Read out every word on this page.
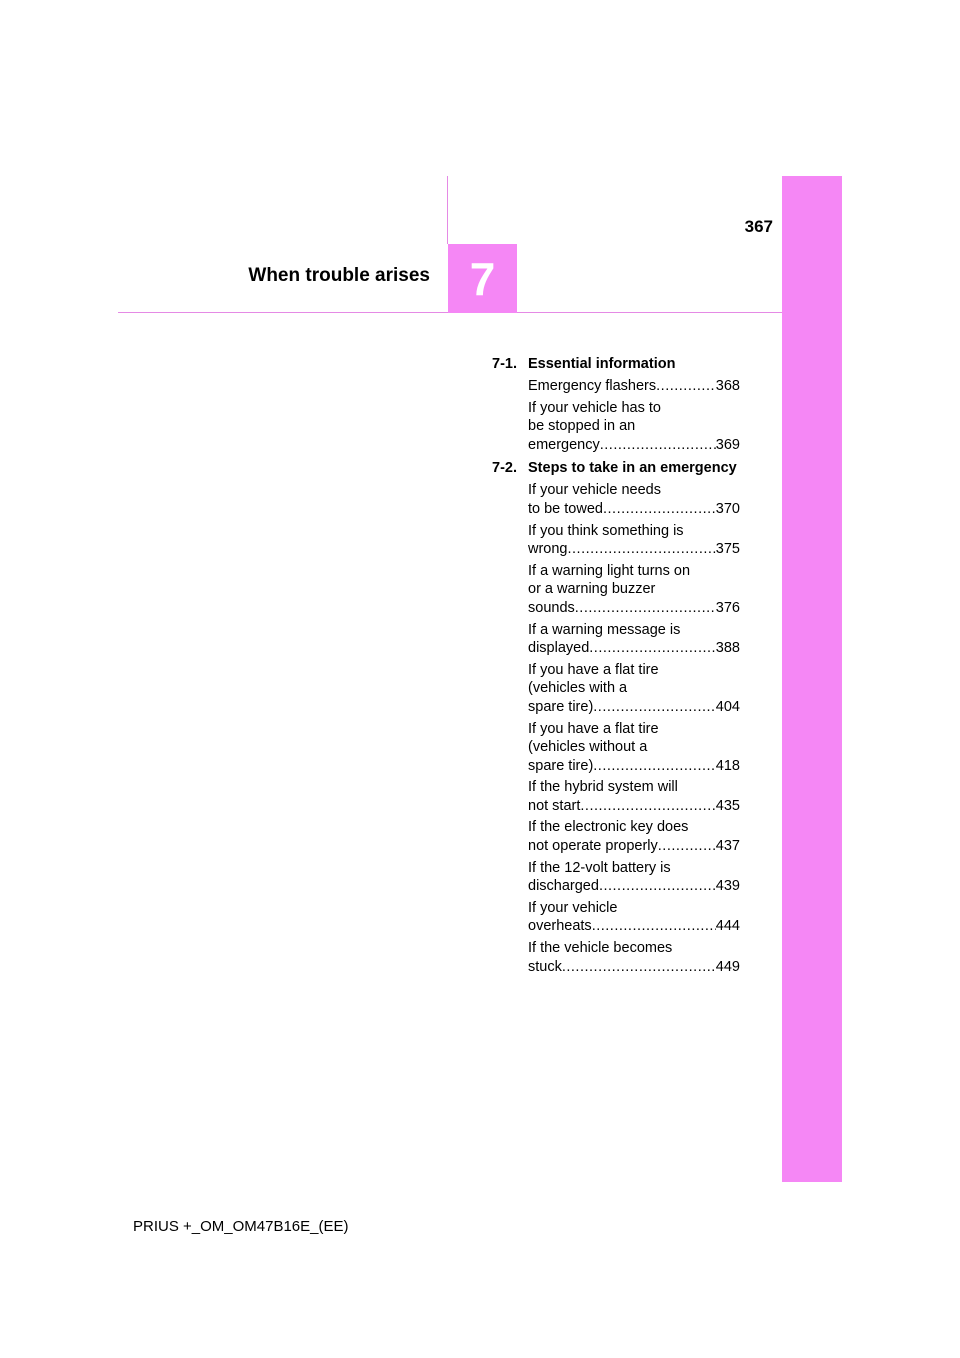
367
When trouble arises 7
7-1. Essential information
Emergency flashers .....	368
If your vehicle has to
be stopped in an
emergency .....	369
7-2. Steps to take in an emergency
If your vehicle needs
to be towed .....	370
If you think something is
wrong .....	375
If a warning light turns on
or a warning buzzer
sounds .....	376
If a warning message is
displayed .....	388
If you have a flat tire
(vehicles with a
spare tire) .....	404
If you have a flat tire
(vehicles without a
spare tire) .....	418
If the hybrid system will
not start .....	435
If the electronic key does
not operate properly .....	437
If the 12-volt battery is
discharged .....	439
If your vehicle
overheats .....	444
If the vehicle becomes
stuck .....	449
PRIUS +_OM_OM47B16E_(EE)
